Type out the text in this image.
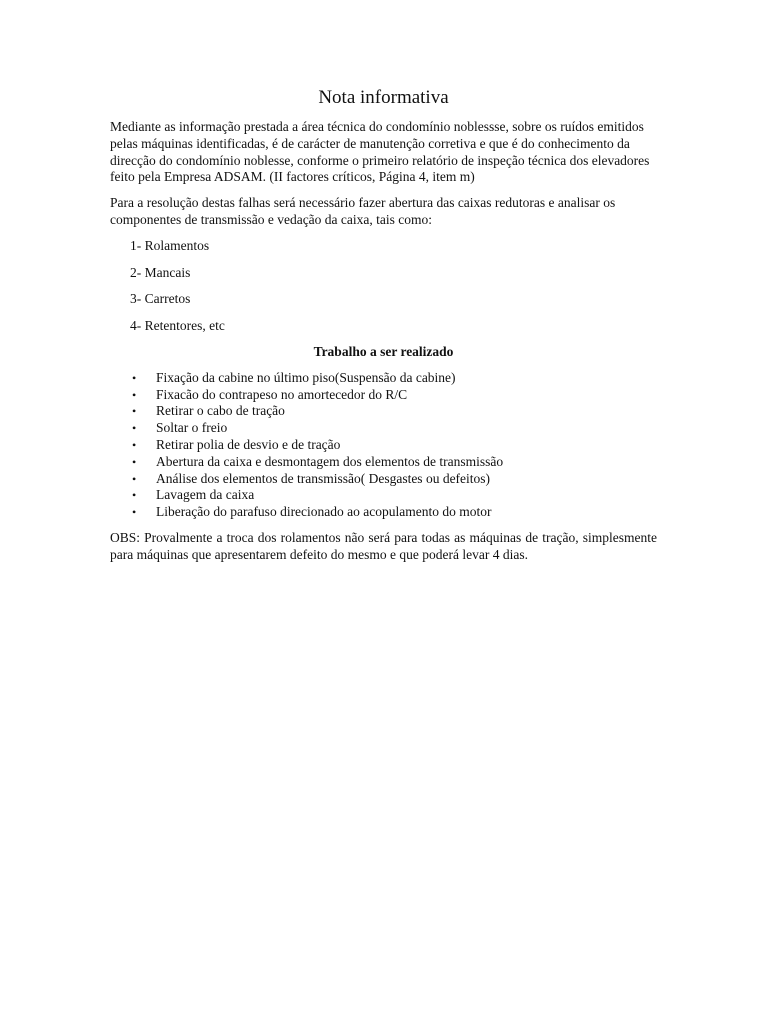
Nota informativa

Mediante as informação prestada a área técnica do condomínio noblessse, sobre os ruídos emitidos pelas máquinas identificadas, é de carácter de manutenção corretiva e que é do conhecimento da direcção do condomínio noblesse, conforme o primeiro relatório de inspeção técnica dos elevadores feito pela Empresa ADSAM. (II factores críticos, Página 4, item m)

Para a resolução destas falhas será necessário fazer abertura das caixas redutoras e analisar os componentes de transmissão e vedação da caixa, tais como:

1- Rolamentos
2- Mancais
3- Carretos
4- Retentores, etc
Trabalho a ser realizado
• Fixação da cabine no último piso(Suspensão da cabine)
• Fixacão do contrapeso no amortecedor do R/C
• Retirar o cabo de tração
• Soltar o freio
• Retirar polia de desvio e de tração
• Abertura da caixa e desmontagem dos elementos de transmissão
• Análise dos elementos de transmissão( Desgastes ou defeitos)
• Lavagem da caixa
• Liberação do parafuso direcionado ao acopulamento do motor

OBS: Provalmente a troca dos rolamentos não será para todas as máquinas de tração, simplesmente para máquinas que apresentarem defeito do mesmo e que poderá levar 4 dias.
